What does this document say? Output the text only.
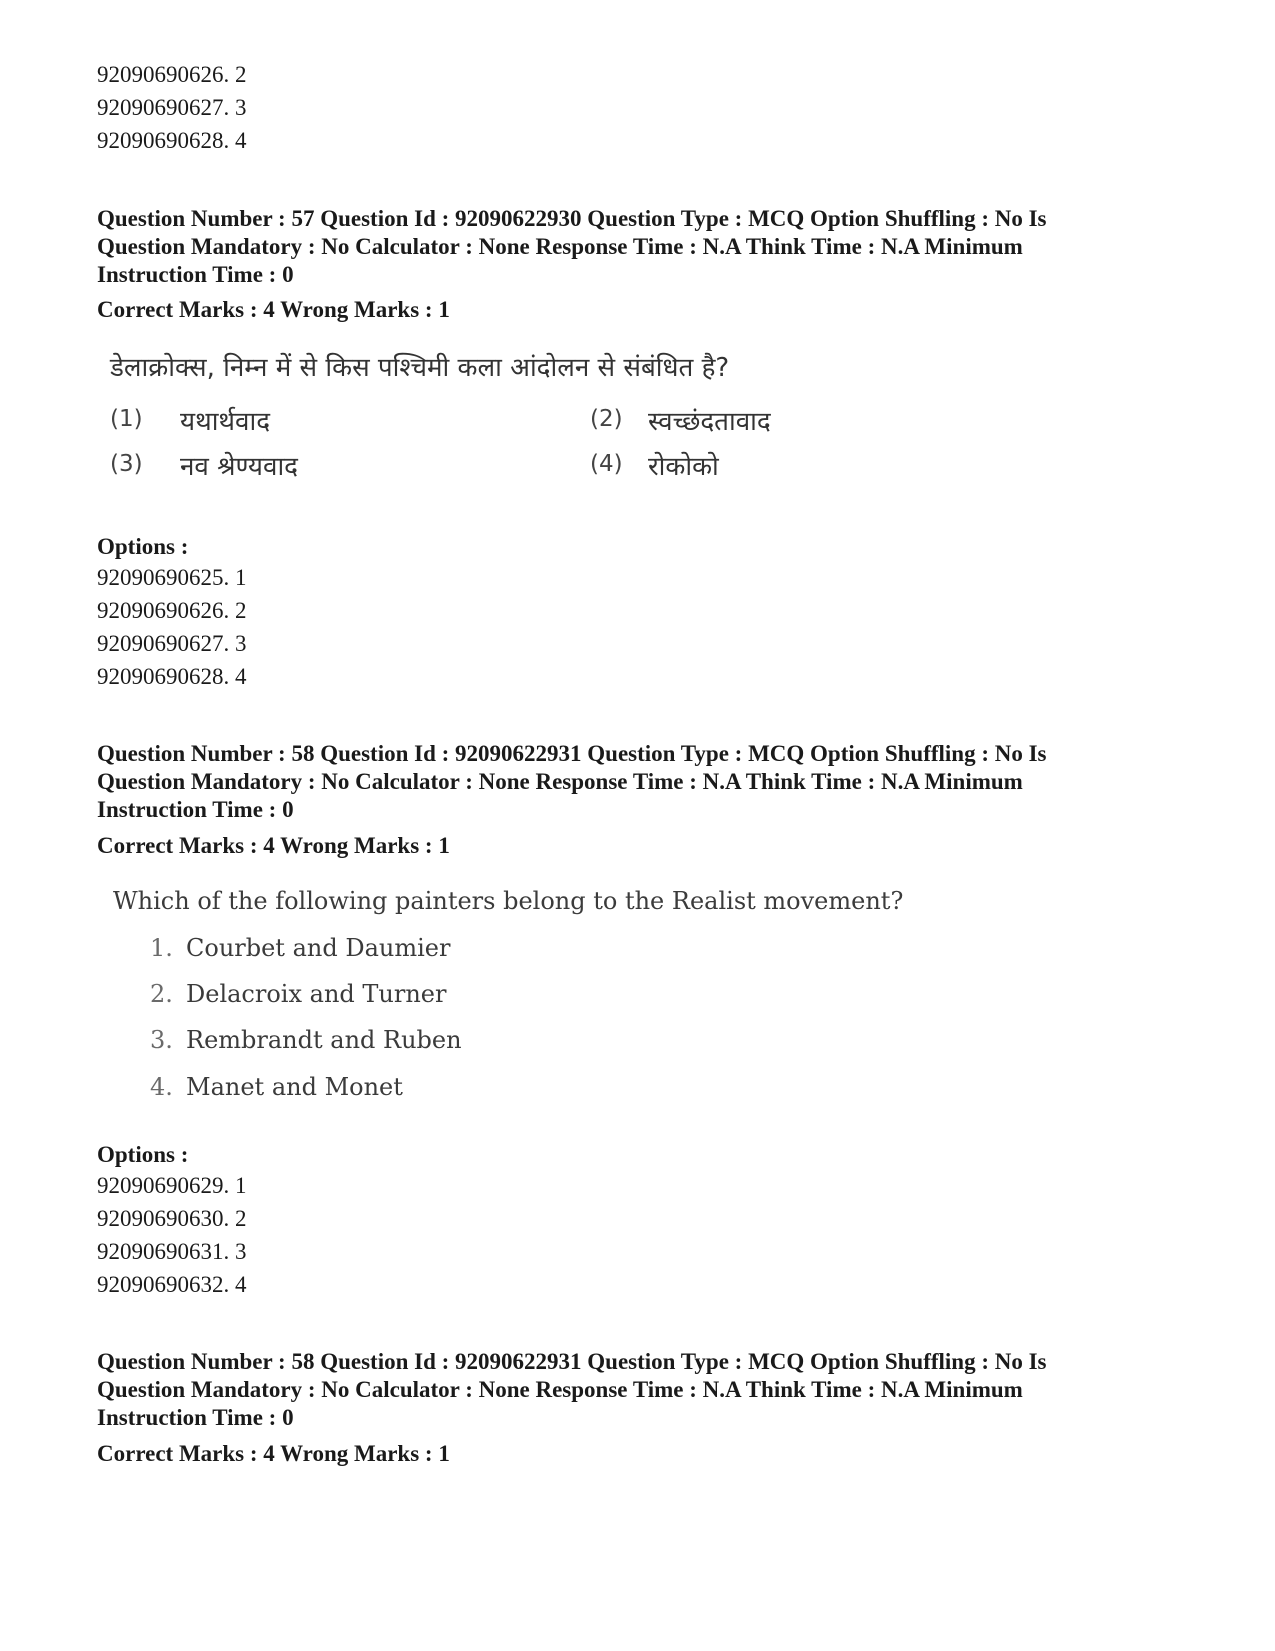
92090690626. 2
92090690627. 3
92090690628. 4
Question Number : 57 Question Id : 92090622930 Question Type : MCQ Option Shuffling : No Is
Question Mandatory : No Calculator : None Response Time : N.A Think Time : N.A Minimum
Instruction Time : 0
Correct Marks : 4 Wrong Marks : 1
डेलाक्रोक्स, निम्न में से किस पश्चिमी कला आंदोलन से संबंधित है?
(1) यथार्थवाद	(2) स्वच्छंदतावाद
(3) नव श्रेण्यवाद	(4) रोकोको
Options :
92090690625. 1
92090690626. 2
92090690627. 3
92090690628. 4
Question Number : 58 Question Id : 92090622931 Question Type : MCQ Option Shuffling : No Is
Question Mandatory : No Calculator : None Response Time : N.A Think Time : N.A Minimum
Instruction Time : 0
Correct Marks : 4 Wrong Marks : 1
Which of the following painters belong to the Realist movement?
1. Courbet and Daumier
2. Delacroix and Turner
3. Rembrandt and Ruben
4. Manet and Monet
Options :
92090690629. 1
92090690630. 2
92090690631. 3
92090690632. 4
Question Number : 58 Question Id : 92090622931 Question Type : MCQ Option Shuffling : No Is
Question Mandatory : No Calculator : None Response Time : N.A Think Time : N.A Minimum
Instruction Time : 0
Correct Marks : 4 Wrong Marks : 1
